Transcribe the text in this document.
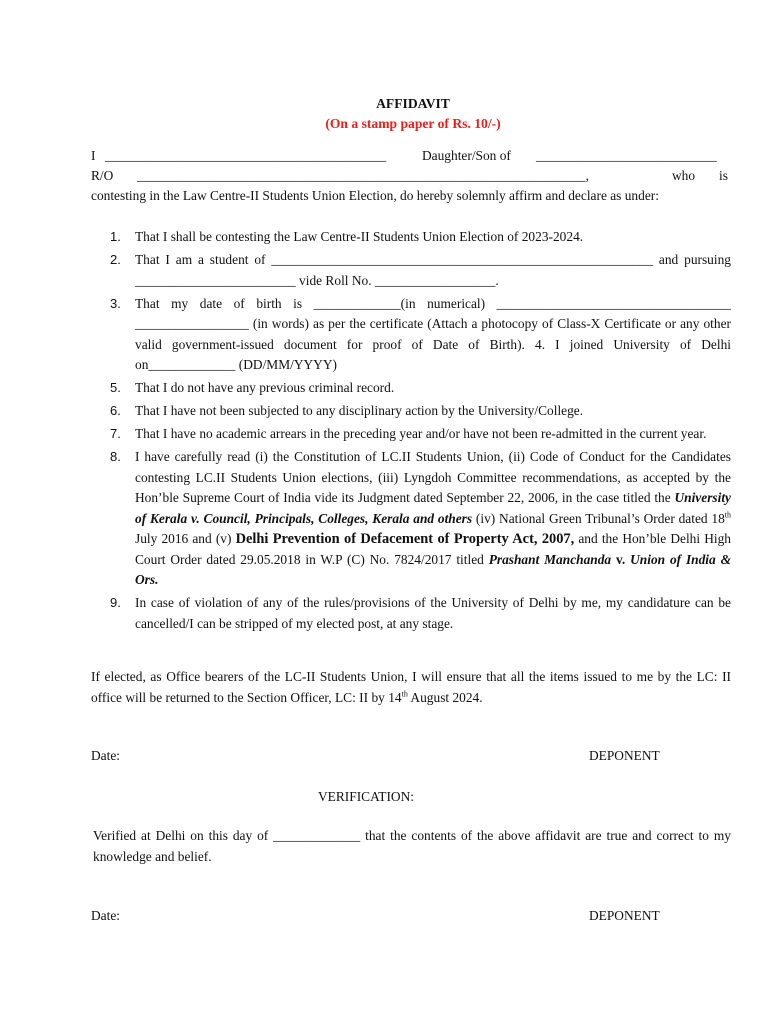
AFFIDAVIT
(On a stamp paper of Rs. 10/-)
I __________________________________________	Daughter/Son of ___________________________
R/O ___________________________________________________________________,	who is
contesting in the Law Centre-II Students Union Election, do hereby solemnly affirm and declare as under:
1. That I shall be contesting the Law Centre-II Students Union Election of 2023-2024.
2. That I am a student of _________________________________________________________ and pursuing ________________________ vide Roll No. __________________.
3. That my date of birth is _____________(in numerical) ___________________________________ _________________ (in words) as per the certificate (Attach a photocopy of Class-X Certificate or any other valid government-issued document for proof of Date of Birth). 4. I joined University of Delhi on_____________ (DD/MM/YYYY)
5. That I do not have any previous criminal record.
6. That I have not been subjected to any disciplinary action by the University/College.
7. That I have no academic arrears in the preceding year and/or have not been re-admitted in the current year.
8. I have carefully read (i) the Constitution of LC.II Students Union, (ii) Code of Conduct for the Candidates contesting LC.II Students Union elections, (iii) Lyngdoh Committee recommendations, as accepted by the Hon’ble Supreme Court of India vide its Judgment dated September 22, 2006, in the case titled the University of Kerala v. Council, Principals, Colleges, Kerala and others (iv) National Green Tribunal’s Order dated 18th July 2016 and (v) Delhi Prevention of Defacement of Property Act, 2007, and the Hon’ble Delhi High Court Order dated 29.05.2018 in W.P (C) No. 7824/2017 titled Prashant Manchanda v. Union of India & Ors.
9. In case of violation of any of the rules/provisions of the University of Delhi by me, my candidature can be cancelled/I can be stripped of my elected post, at any stage.
If elected, as Office bearers of the LC-II Students Union, I will ensure that all the items issued to me by the LC: II office will be returned to the Section Officer, LC: II by 14th August 2024.
Date:	DEPONENT
VERIFICATION:
Verified at Delhi on this day of _____________ that the contents of the above affidavit are true and correct to my knowledge and belief.
Date:	DEPONENT
